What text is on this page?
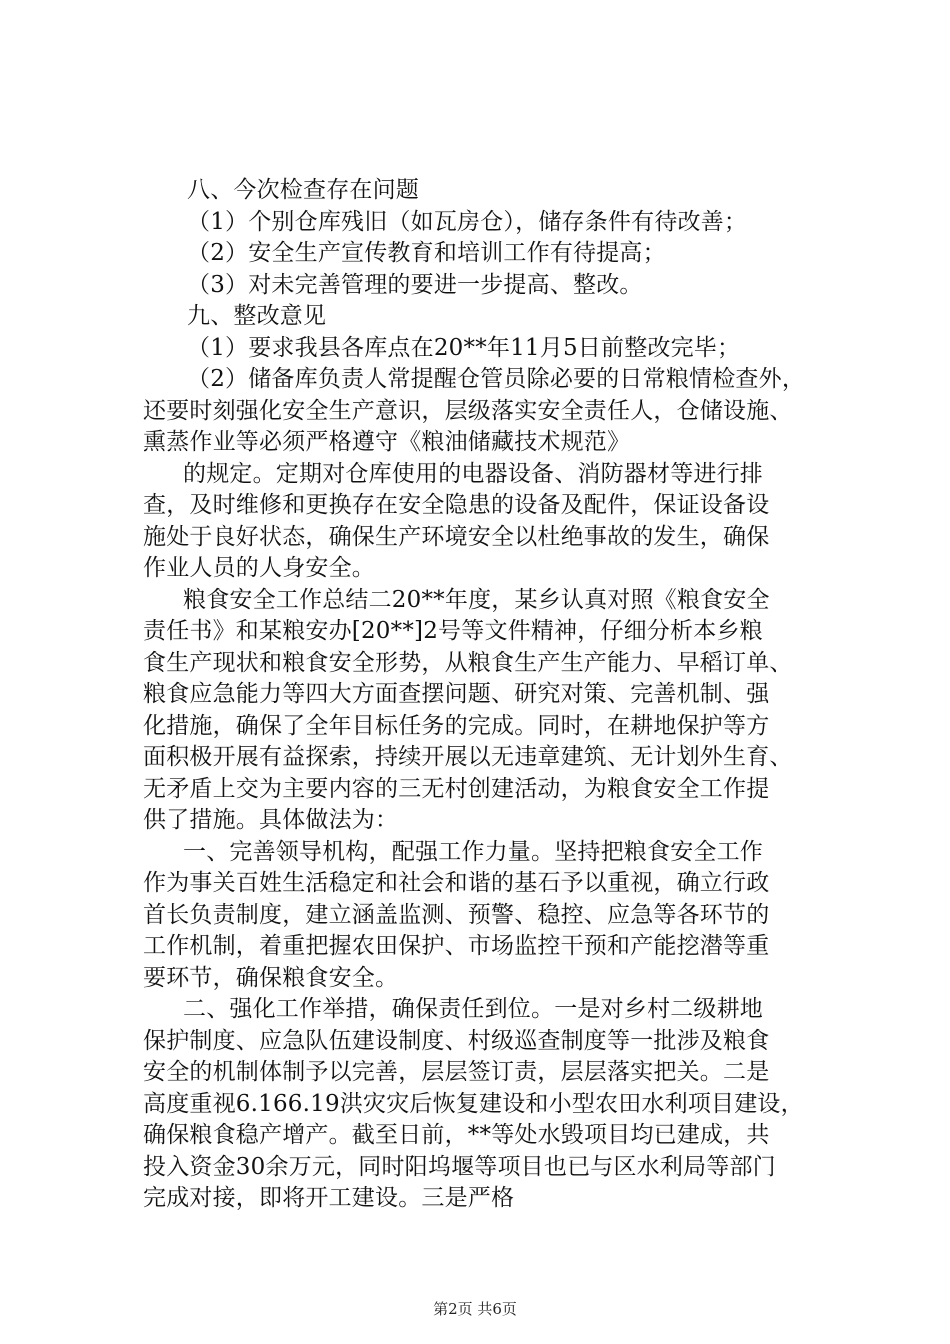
八、今次检查存在问题
（1）个别仓库残旧（如瓦房仓），储存条件有待改善；
（2）安全生产宣传教育和培训工作有待提高；
（3）对未完善管理的要进一步提高、整改。
九、整改意见
（1）要求我县各库点在20**年11月5日前整改完毕；
（2）储备库负责人常提醒仓管员除必要的日常粮情检查外，
还要时刻强化安全生产意识，层级落实安全责任人，仓储设施、
熏蒸作业等必须严格遵守《粮油储藏技术规范》
的规定。定期对仓库使用的电器设备、消防器材等进行排
查，及时维修和更换存在安全隐患的设备及配件，保证设备设
施处于良好状态，确保生产环境安全以杜绝事故的发生，确保
作业人员的人身安全。
粮食安全工作总结二20**年度，某乡认真对照《粮食安全
责任书》和某粮安办[20**]2号等文件精神，仔细分析本乡粮
食生产现状和粮食安全形势，从粮食生产生产能力、早稻订单、
粮食应急能力等四大方面查摆问题、研究对策、完善机制、强
化措施，确保了全年目标任务的完成。同时，在耕地保护等方
面积极开展有益探索，持续开展以无违章建筑、无计划外生育、
无矛盾上交为主要内容的三无村创建活动，为粮食安全工作提
供了措施。具体做法为：
一、完善领导机构，配强工作力量。坚持把粮食安全工作
作为事关百姓生活稳定和社会和谐的基石予以重视，确立行政
首长负责制度，建立涵盖监测、预警、稳控、应急等各环节的
工作机制，着重把握农田保护、市场监控干预和产能挖潜等重
要环节，确保粮食安全。
二、强化工作举措，确保责任到位。一是对乡村二级耕地
保护制度、应急队伍建设制度、村级巡查制度等一批涉及粮食
安全的机制体制予以完善，层层签订责，层层落实把关。二是
高度重视6.166.19洪灾灾后恢复建设和小型农田水利项目建设，
确保粮食稳产增产。截至日前，**等处水毁项目均已建成，共
投入资金30余万元，同时阳坞堰等项目也已与区水利局等部门
完成对接，即将开工建设。三是严格
第2页 共6页
